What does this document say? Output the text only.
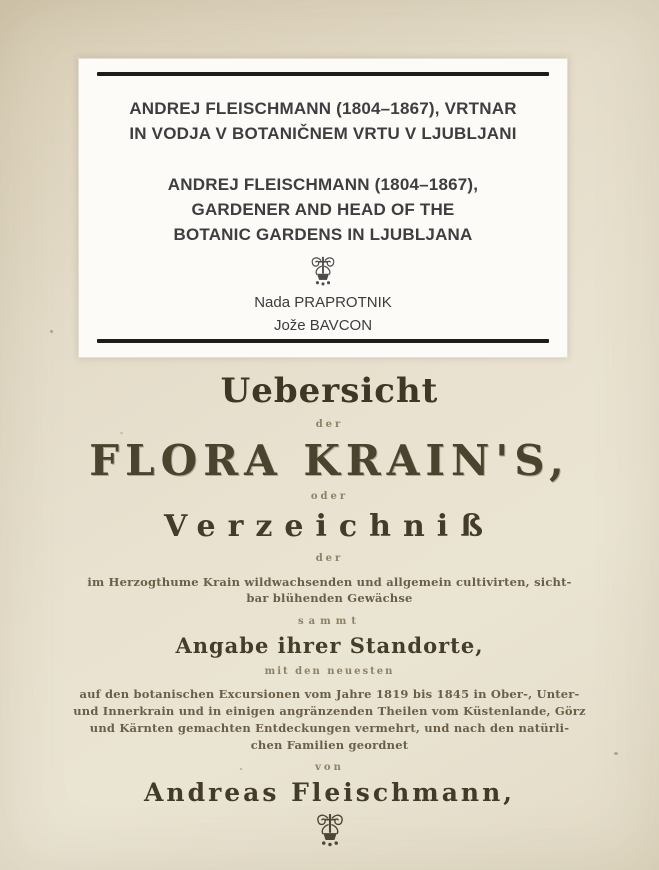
ANDREJ FLEISCHMANN (1804–1867), VRTNAR
IN VODJA V BOTANIČNEM VRTU V LJUBLJANI
ANDREJ FLEISCHMANN (1804–1867),
GARDENER AND HEAD OF THE
BOTANIC GARDENS IN LJUBLJANA
Nada PRAPROTNIK
Jože BAVCON
Uebersicht
der
FLORA KRAIN'S,
oder
Verzeichniß
der
im Herzogthume Krain wildwachsenden und allgemein cultivirten, sicht-
bar blühenden Gewächse
sammt
Angabe ihrer Standorte,
mit den neuesten
auf den botanischen Excursionen vom Jahre 1819 bis 1845 in Ober-, Unter-
und Innerkrain und in einigen angränzenden Theilen vom Küstenlande, Görz
und Kärnten gemachten Entdeckungen vermehrt, und nach den natürli-
chen Familien geordnet
von
Andreas Fleischmann,
